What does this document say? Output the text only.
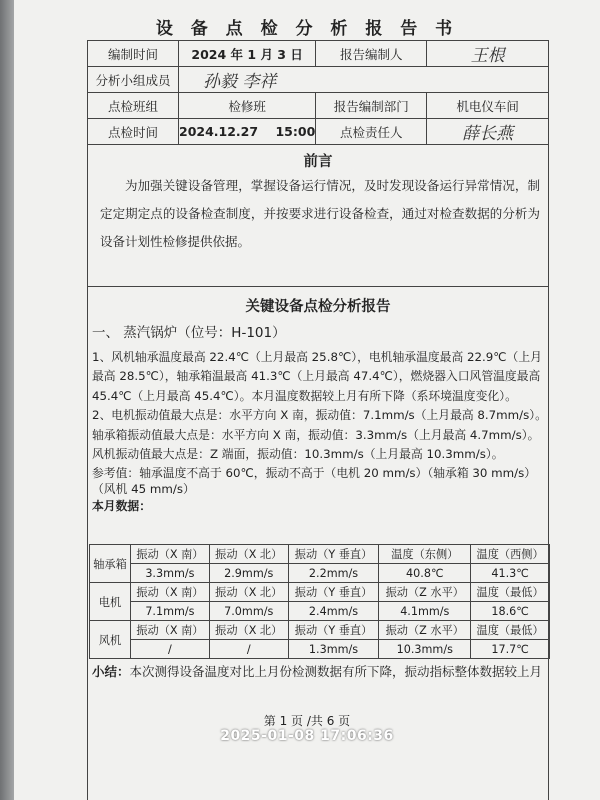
设 备 点 检 分 析 报 告 书
编制时间	2024 年 1 月 3 日	报告编制人	王根
分析小组成员	孙毅 李祥		
点检班组	检修班	报告编制部门	机电仪车间
点检时间	2024.12.27    15:00	点检责任人	薛长燕
前言
为加强关键设备管理，掌握设备运行情况，及时发现设备运行异常情况，制定定期定点的设备检查制度，并按要求进行设备检查，通过对检查数据的分析为设备计划性检修提供依据。
关键设备点检分析报告

一、 蒸汽锅炉（位号：H-101）

1、风机轴承温度最高 22.4℃（上月最高 25.8℃），电机轴承温度最高 22.9℃（上月最高 28.5℃），轴承箱温最高 41.3℃（上月最高 47.4℃），燃烧器入口风管温度最高 45.4℃（上月最高 45.4℃）。本月温度数据较上月有所下降（系环境温度变化）。

2、电机振动值最大点是：水平方向 X 南，振动值：7.1mm/s（上月最高 8.7mm/s）。

轴承箱振动值最大点是：水平方向 X 南，振动值：3.3mm/s（上月最高 4.7mm/s）。

风机振动值最大点是：Z 端面，振动值：10.3mm/s（上月最高 10.3mm/s）。

参考值：轴承温度不高于 60℃，振动不高于（电机 20 mm/s）（轴承箱 30 mm/s）（风机 45 mm/s）

本月数据：

轴承箱	振动（X 南）	振动（X 北）	振动（Y 垂直）	温度（东侧）	温度（西侧）
	3.3mm/s	2.9mm/s	2.2mm/s	40.8℃	41.3℃
电机	振动（X 南）	振动（X 北）	振动（Y 垂直）	振动（Z 水平）	温度（最低）
	7.1mm/s	7.0mm/s	2.4mm/s	4.1mm/s	18.6℃
风机	振动（X 南）	振动（X 北）	振动（Y 垂直）	振动（Z 水平）	温度（最低）
	/	/	1.3mm/s	10.3mm/s	17.7℃
小结：本次测得设备温度对比上月份检测数据有所下降，振动指标整体数据较上月
第 1 页 /共 6 页
2025-01-08 17:06:36
